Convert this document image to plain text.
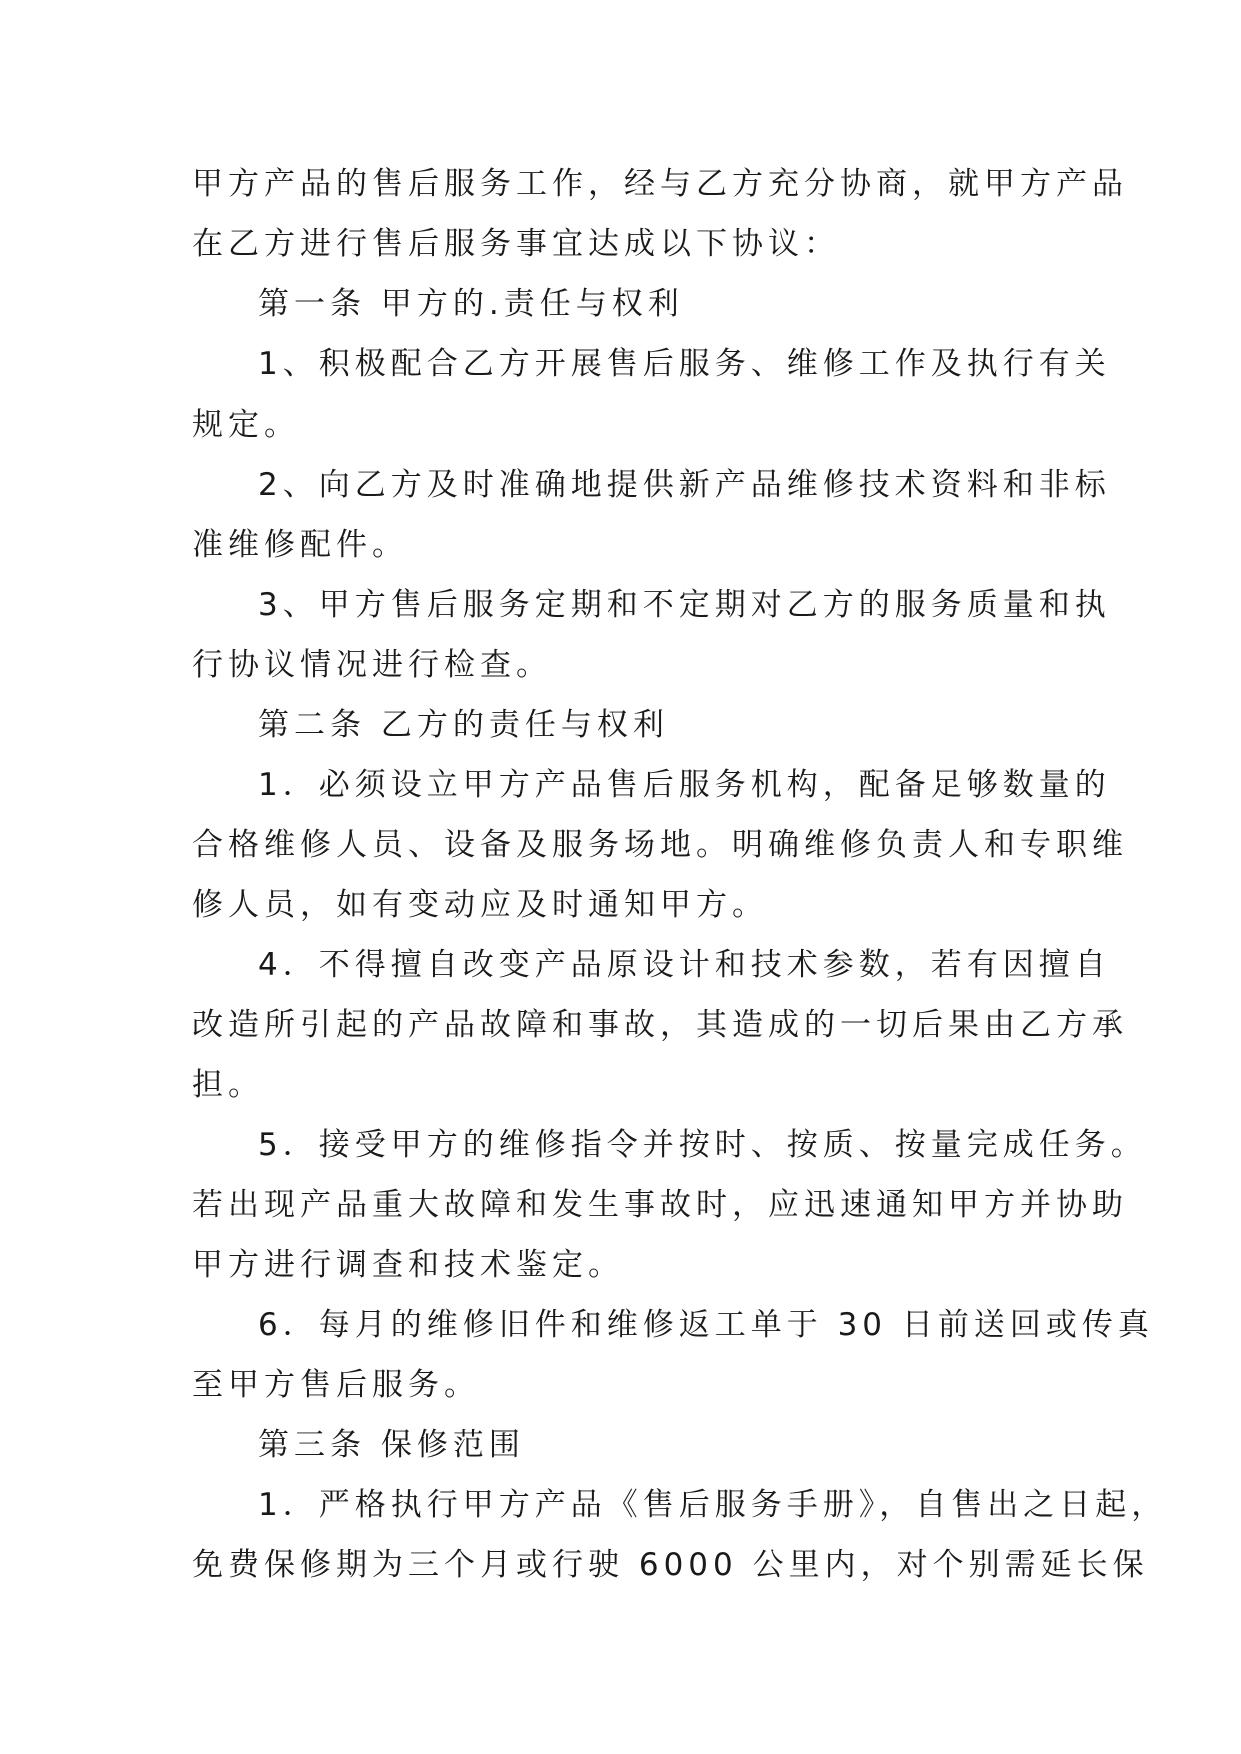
甲方产品的售后服务工作，经与乙方充分协商，就甲方产品
在乙方进行售后服务事宜达成以下协议：
第一条 甲方的.责任与权利
1、积极配合乙方开展售后服务、维修工作及执行有关
规定。
2、向乙方及时准确地提供新产品维修技术资料和非标
准维修配件。
3、甲方售后服务定期和不定期对乙方的服务质量和执
行协议情况进行检查。
第二条 乙方的责任与权利
1．必须设立甲方产品售后服务机构，配备足够数量的
合格维修人员、设备及服务场地。明确维修负责人和专职维
修人员，如有变动应及时通知甲方。
4．不得擅自改变产品原设计和技术参数，若有因擅自
改造所引起的产品故障和事故，其造成的一切后果由乙方承
担。
5．接受甲方的维修指令并按时、按质、按量完成任务。
若出现产品重大故障和发生事故时，应迅速通知甲方并协助
甲方进行调查和技术鉴定。
6．每月的维修旧件和维修返工单于 30 日前送回或传真
至甲方售后服务。
第三条 保修范围
1．严格执行甲方产品《售后服务手册》，自售出之日起，
免费保修期为三个月或行驶 6000 公里内，对个别需延长保
